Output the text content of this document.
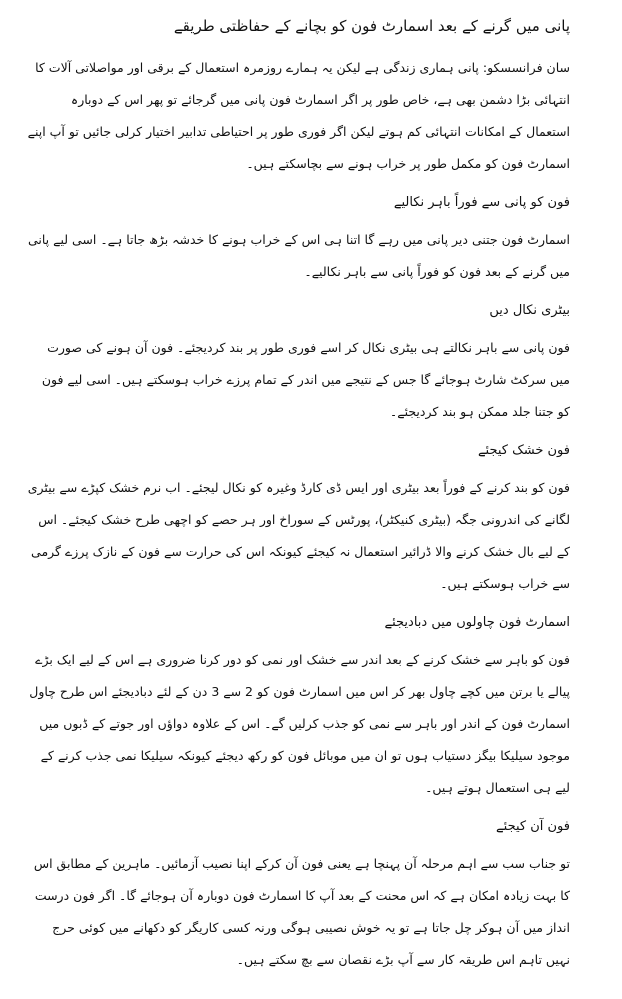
پانی میں گرنے کے بعد اسمارٹ فون کو بچانے کے حفاظتی طریقے

سان فرانسسکو: پانی ہماری زندگی ہے لیکن یہ ہمارے روزمرہ استعمال کے برقی اور مواصلاتی آلات کا انتہائی بڑا دشمن بھی ہے، خاص طور پر اگر اسمارٹ فون پانی میں گرجائے تو پھر اس کے دوبارہ استعمال کے امکانات انتہائی کم ہوتے لیکن اگر فوری طور پر احتیاطی تدابیر اختیار کرلی جائیں تو آپ اپنے اسمارٹ فون کو مکمل طور پر خراب ہونے سے بچاسکتے ہیں۔

فون کو پانی سے فوراً باہر نکالیے

اسمارٹ فون جتنی دیر پانی میں رہے گا اتنا ہی اس کے خراب ہونے کا خدشہ بڑھ جاتا ہے۔ اسی لیے پانی میں گرنے کے بعد فون کو فوراً پانی سے باہر نکالیے۔

بیٹری نکال دیں

فون پانی سے باہر نکالتے ہی بیٹری نکال کر اسے فوری طور پر بند کردیجئے۔ فون آن ہونے کی صورت میں سرکٹ شارٹ ہوجائے گا جس کے نتیجے میں اندر کے تمام پرزے خراب ہوسکتے ہیں۔ اسی لیے فون کو جتنا جلد ممکن ہو بند کردیجئے۔

فون خشک کیجئے

فون کو بند کرنے کے فوراً بعد بیٹری اور ایس ڈی کارڈ وغیرہ کو نکال لیجئے۔ اب نرم خشک کپڑے سے بیٹری لگانے کی اندرونی جگہ (بیٹری کنیکٹر)، پورٹس کے سوراخ اور ہر حصے کو اچھی طرح خشک کیجئے۔ اس کے لیے بال خشک کرنے والا ڈرائیر استعمال نہ کیجئے کیونکہ اس کی حرارت سے فون کے نازک پرزے گرمی سے خراب ہوسکتے ہیں۔

اسمارٹ فون چاولوں میں دبادیجئے

فون کو باہر سے خشک کرنے کے بعد اندر سے خشک اور نمی کو دور کرنا ضروری ہے اس کے لیے ایک بڑے پیالے یا برتن میں کچے چاول بھر کر اس میں اسمارٹ فون کو 2 سے 3 دن کے لئے دبادیجئے اس طرح چاول اسمارٹ فون کے اندر اور باہر سے نمی کو جذب کرلیں گے۔ اس کے علاوہ دواؤں اور جوتے کے ڈبوں میں موجود سیلیکا بیگز دستیاب ہوں تو ان میں موبائل فون کو رکھ دیجئے کیونکہ سیلیکا نمی جذب کرنے کے لیے ہی استعمال ہوتے ہیں۔

فون آن کیجئے

تو جناب سب سے اہم مرحلہ آن پہنچا ہے یعنی فون آن کرکے اپنا نصیب آزمائیں۔ ماہرین کے مطابق اس کا بہت زیادہ امکان ہے کہ اس محنت کے بعد آپ کا اسمارٹ فون دوبارہ آن ہوجائے گا۔ اگر فون درست انداز میں آن ہوکر چل جاتا ہے تو یہ خوش نصیبی ہوگی ورنہ کسی کاریگر کو دکھانے میں کوئی حرج نہیں تاہم اس طریقہ کار سے آپ بڑے نقصان سے بچ سکتے ہیں۔
